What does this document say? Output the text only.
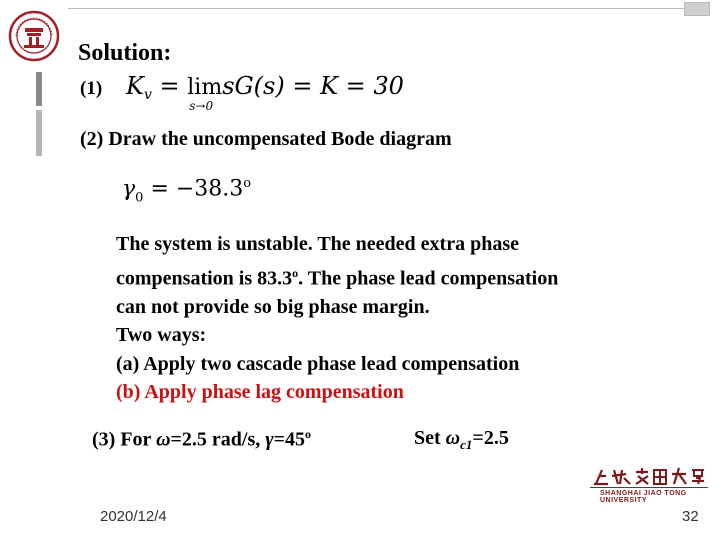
Solution:
(1) $K_v = \lim$
s→0
sG(s) = K = 30
(2) Draw the uncompensated Bode diagram
$\gamma_0 = -38.3^o$
The system is unstable. The needed extra phase
compensation is 83.3$^o$. The phase lead compensation
can not provide so big phase margin.
Two ways:
(a) Apply two cascade phase lead compensation
(b) Apply phase lag compensation
(3) For ω=2.5 rad/s, $\gamma=45^o$	Set $\omega_{c1}=2.5$
SHANGHAI JIAO TONG UNIVERSITY
2020/12/4	32
